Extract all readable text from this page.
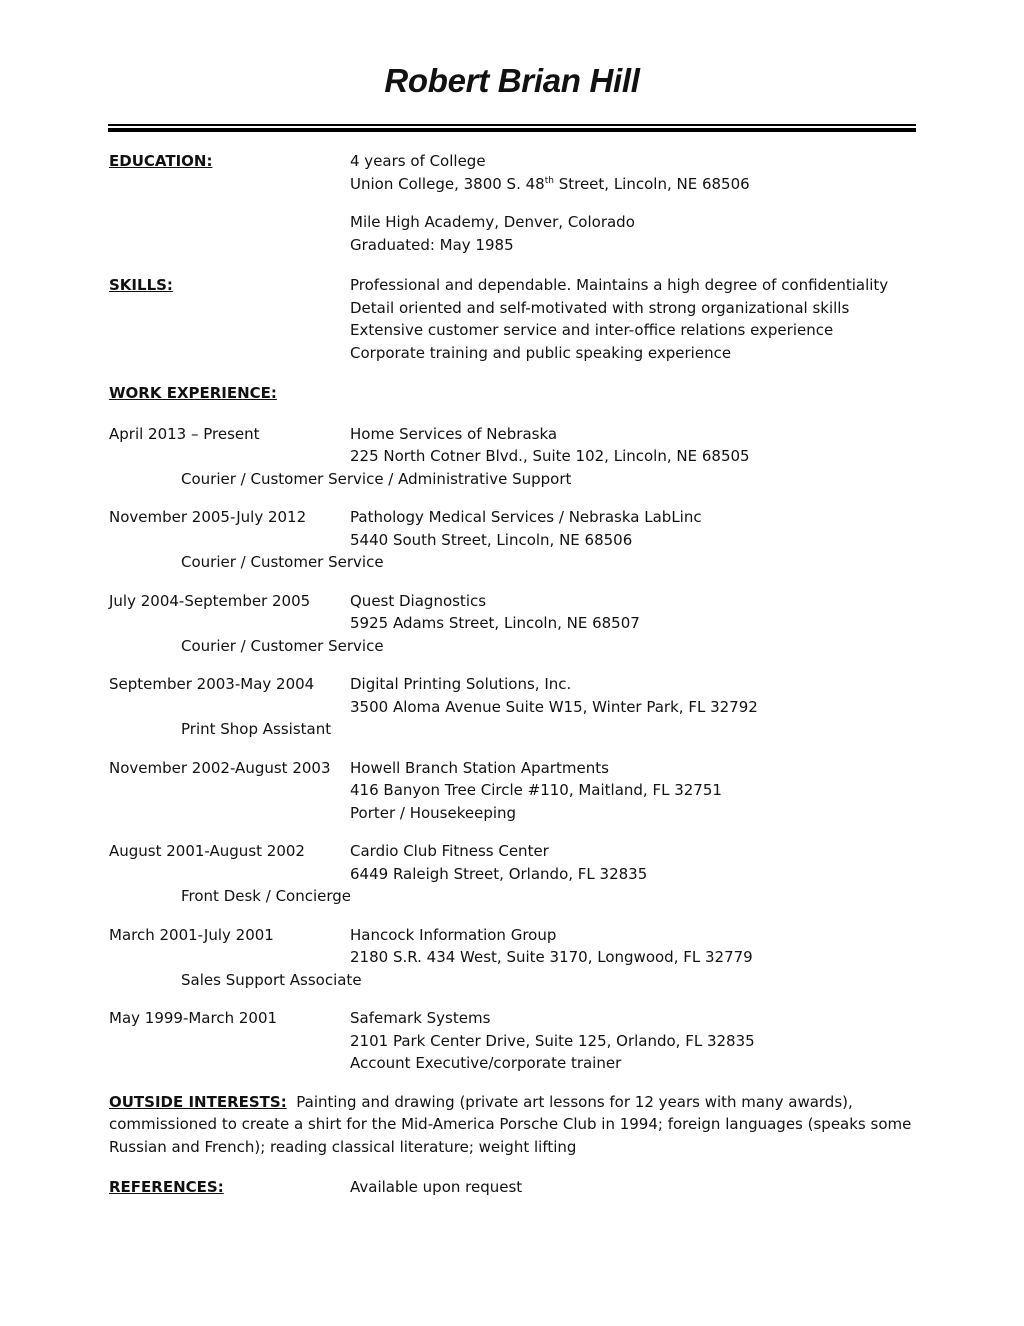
Robert Brian Hill
EDUCATION:	4 years of College
Union College, 3800 S. 48th Street, Lincoln, NE 68506
Mile High Academy, Denver, Colorado
Graduated: May 1985
SKILLS:	Professional and dependable. Maintains a high degree of confidentiality
Detail oriented and self-motivated with strong organizational skills
Extensive customer service and inter-office relations experience
Corporate training and public speaking experience
WORK EXPERIENCE:
April 2013 – Present	Home Services of Nebraska
225 North Cotner Blvd., Suite 102, Lincoln, NE 68505
Courier / Customer Service / Administrative Support
November 2005-July 2012	Pathology Medical Services / Nebraska LabLinc
5440 South Street, Lincoln, NE 68506
Courier / Customer Service
July 2004-September 2005	Quest Diagnostics
5925 Adams Street, Lincoln, NE 68507
Courier / Customer Service
September 2003-May 2004	Digital Printing Solutions, Inc.
3500 Aloma Avenue Suite W15, Winter Park, FL 32792
Print Shop Assistant
November 2002-August 2003	Howell Branch Station Apartments
416 Banyon Tree Circle #110, Maitland, FL 32751
Porter / Housekeeping
August 2001-August 2002	Cardio Club Fitness Center
6449 Raleigh Street, Orlando, FL 32835
Front Desk / Concierge
March 2001-July 2001	Hancock Information Group
2180 S.R. 434 West, Suite 3170, Longwood, FL 32779
Sales Support Associate
May 1999-March 2001	Safemark Systems
2101 Park Center Drive, Suite 125, Orlando, FL 32835
Account Executive/corporate trainer
OUTSIDE INTERESTS: Painting and drawing (private art lessons for 12 years with many awards), commissioned to create a shirt for the Mid-America Porsche Club in 1994; foreign languages (speaks some Russian and French); reading classical literature; weight lifting
REFERENCES:	Available upon request
